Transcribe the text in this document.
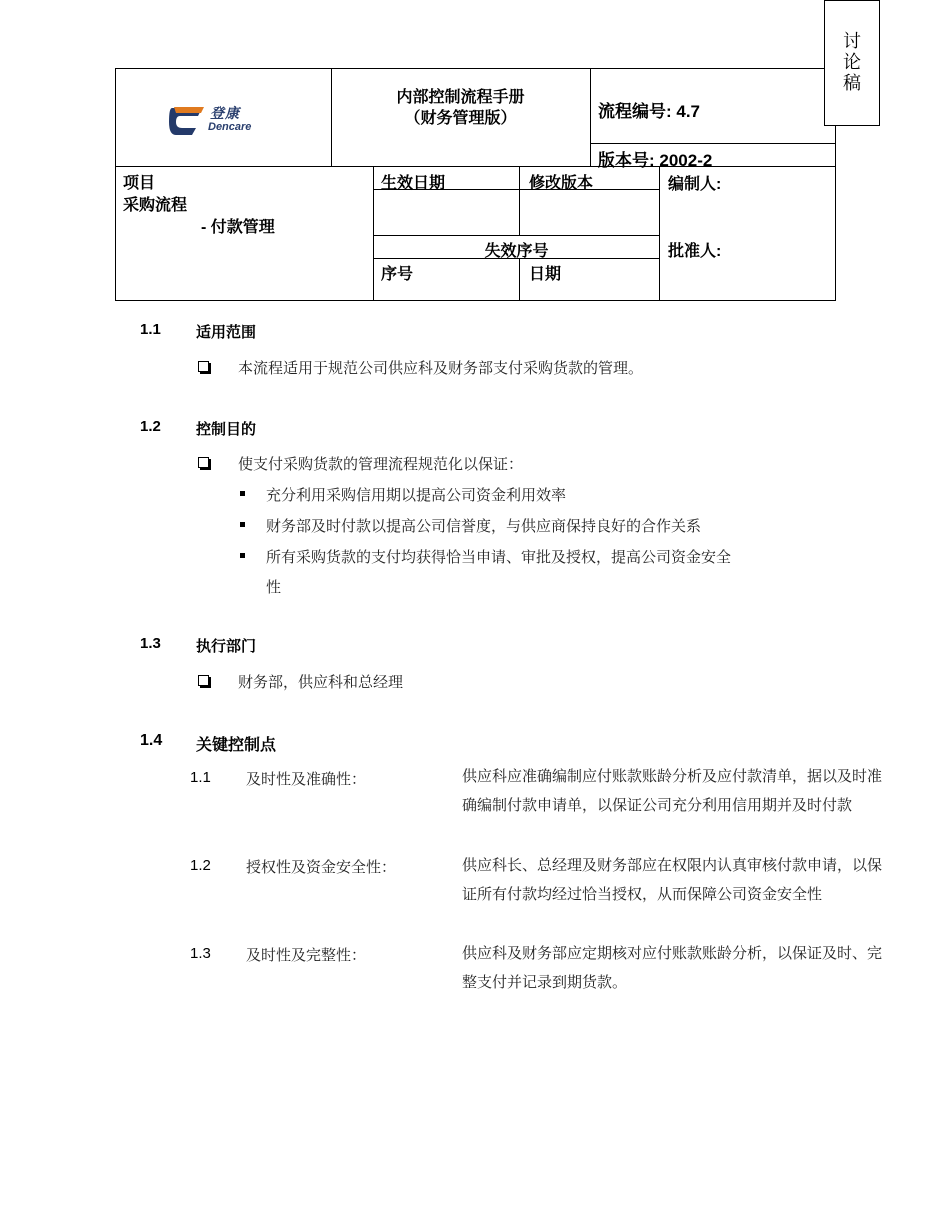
讨
论
稿
登康
Dencare
内部控制流程手册
（财务管理版）	流程编号: 4.7
版本号: 2002-2
项目
采购流程
- 付款管理
生效日期	修改版本
失效序号
序号	日期
编制人:
批准人:
1.1 适用范围
本流程适用于规范公司供应科及财务部支付采购货款的管理。
1.2 控制目的
使支付采购货款的管理流程规范化以保证：
充分利用采购信用期以提高公司资金利用效率
财务部及时付款以提高公司信誉度，与供应商保持良好的合作关系
所有采购货款的支付均获得恰当申请、审批及授权，提高公司资金安全
性
1.3 执行部门
财务部，供应科和总经理
1.4 关键控制点
1.1 及时性及准确性：	供应科应准确编制应付账款账龄分析及应付款清单，据以及时准确编制付款申请单，以保证公司充分利用信用期并及时付款
1.2 授权性及资金安全性：	供应科长、总经理及财务部应在权限内认真审核付款申请，以保证所有付款均经过恰当授权，从而保障公司资金安全性
1.3 及时性及完整性：	供应科及财务部应定期核对应付账款账龄分析，以保证及时、完整支付并记录到期货款。
